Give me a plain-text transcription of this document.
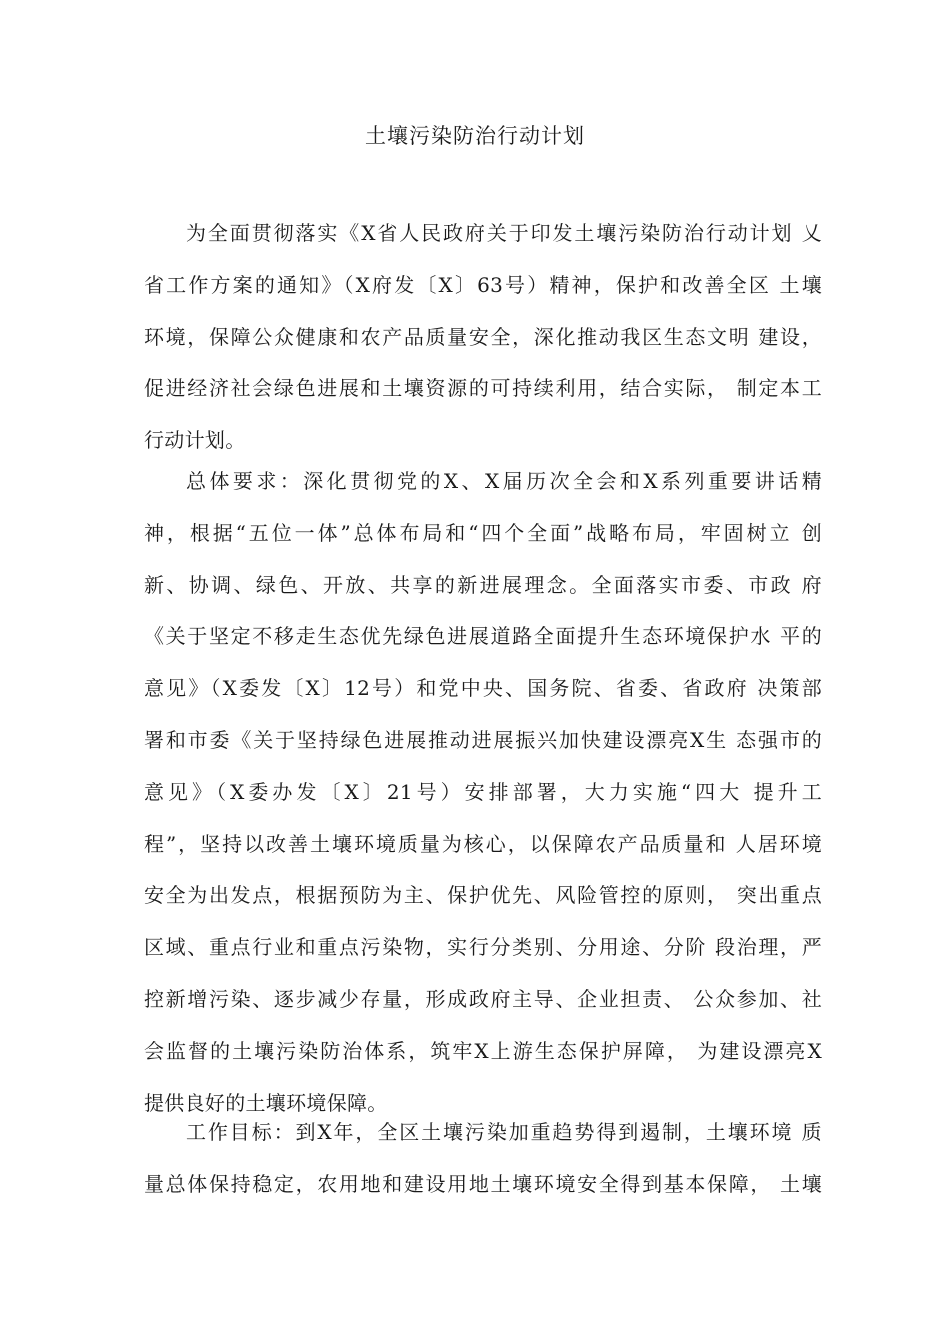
土壤污染防治行动计划
为全面贯彻落实《X省人民政府关于印发土壤污染防治行动计划 乂
省工作方案的通知》（X府发〔X〕63号）精神，保护和改善全区 土壤
环境，保障公众健康和农产品质量安全，深化推动我区生态文明 建设，
促进经济社会绿色进展和土壤资源的可持续利用，结合实际， 制定本工
行动计划。
总体要求：深化贯彻党的X、X届历次全会和X系列重要讲话精
神，根据“五位一体”总体布局和“四个全面”战略布局，牢固树立 创
新、协调、绿色、开放、共享的新进展理念。全面落实市委、市政 府
《关于坚定不移走生态优先绿色进展道路全面提升生态环境保护水 平的
意见》（X委发〔X〕12号）和党中央、国务院、省委、省政府 决策部
署和市委《关于坚持绿色进展推动进展振兴加快建设漂亮X生 态强市的
意见》（X委办发〔X〕21号）安排部署，大力实施“四大 提升工
程”，坚持以改善土壤环境质量为核心，以保障农产品质量和 人居环境
安全为出发点，根据预防为主、保护优先、风险管控的原则， 突出重点
区域、重点行业和重点污染物，实行分类别、分用途、分阶 段治理，严
控新增污染、逐步减少存量，形成政府主导、企业担责、 公众参加、社
会监督的土壤污染防治体系，筑牢X上游生态保护屏障， 为建设漂亮X
提供良好的土壤环境保障。
工作目标：到X年，全区土壤污染加重趋势得到遏制，土壤环境 质
量总体保持稳定，农用地和建设用地土壤环境安全得到基本保障， 土壤
